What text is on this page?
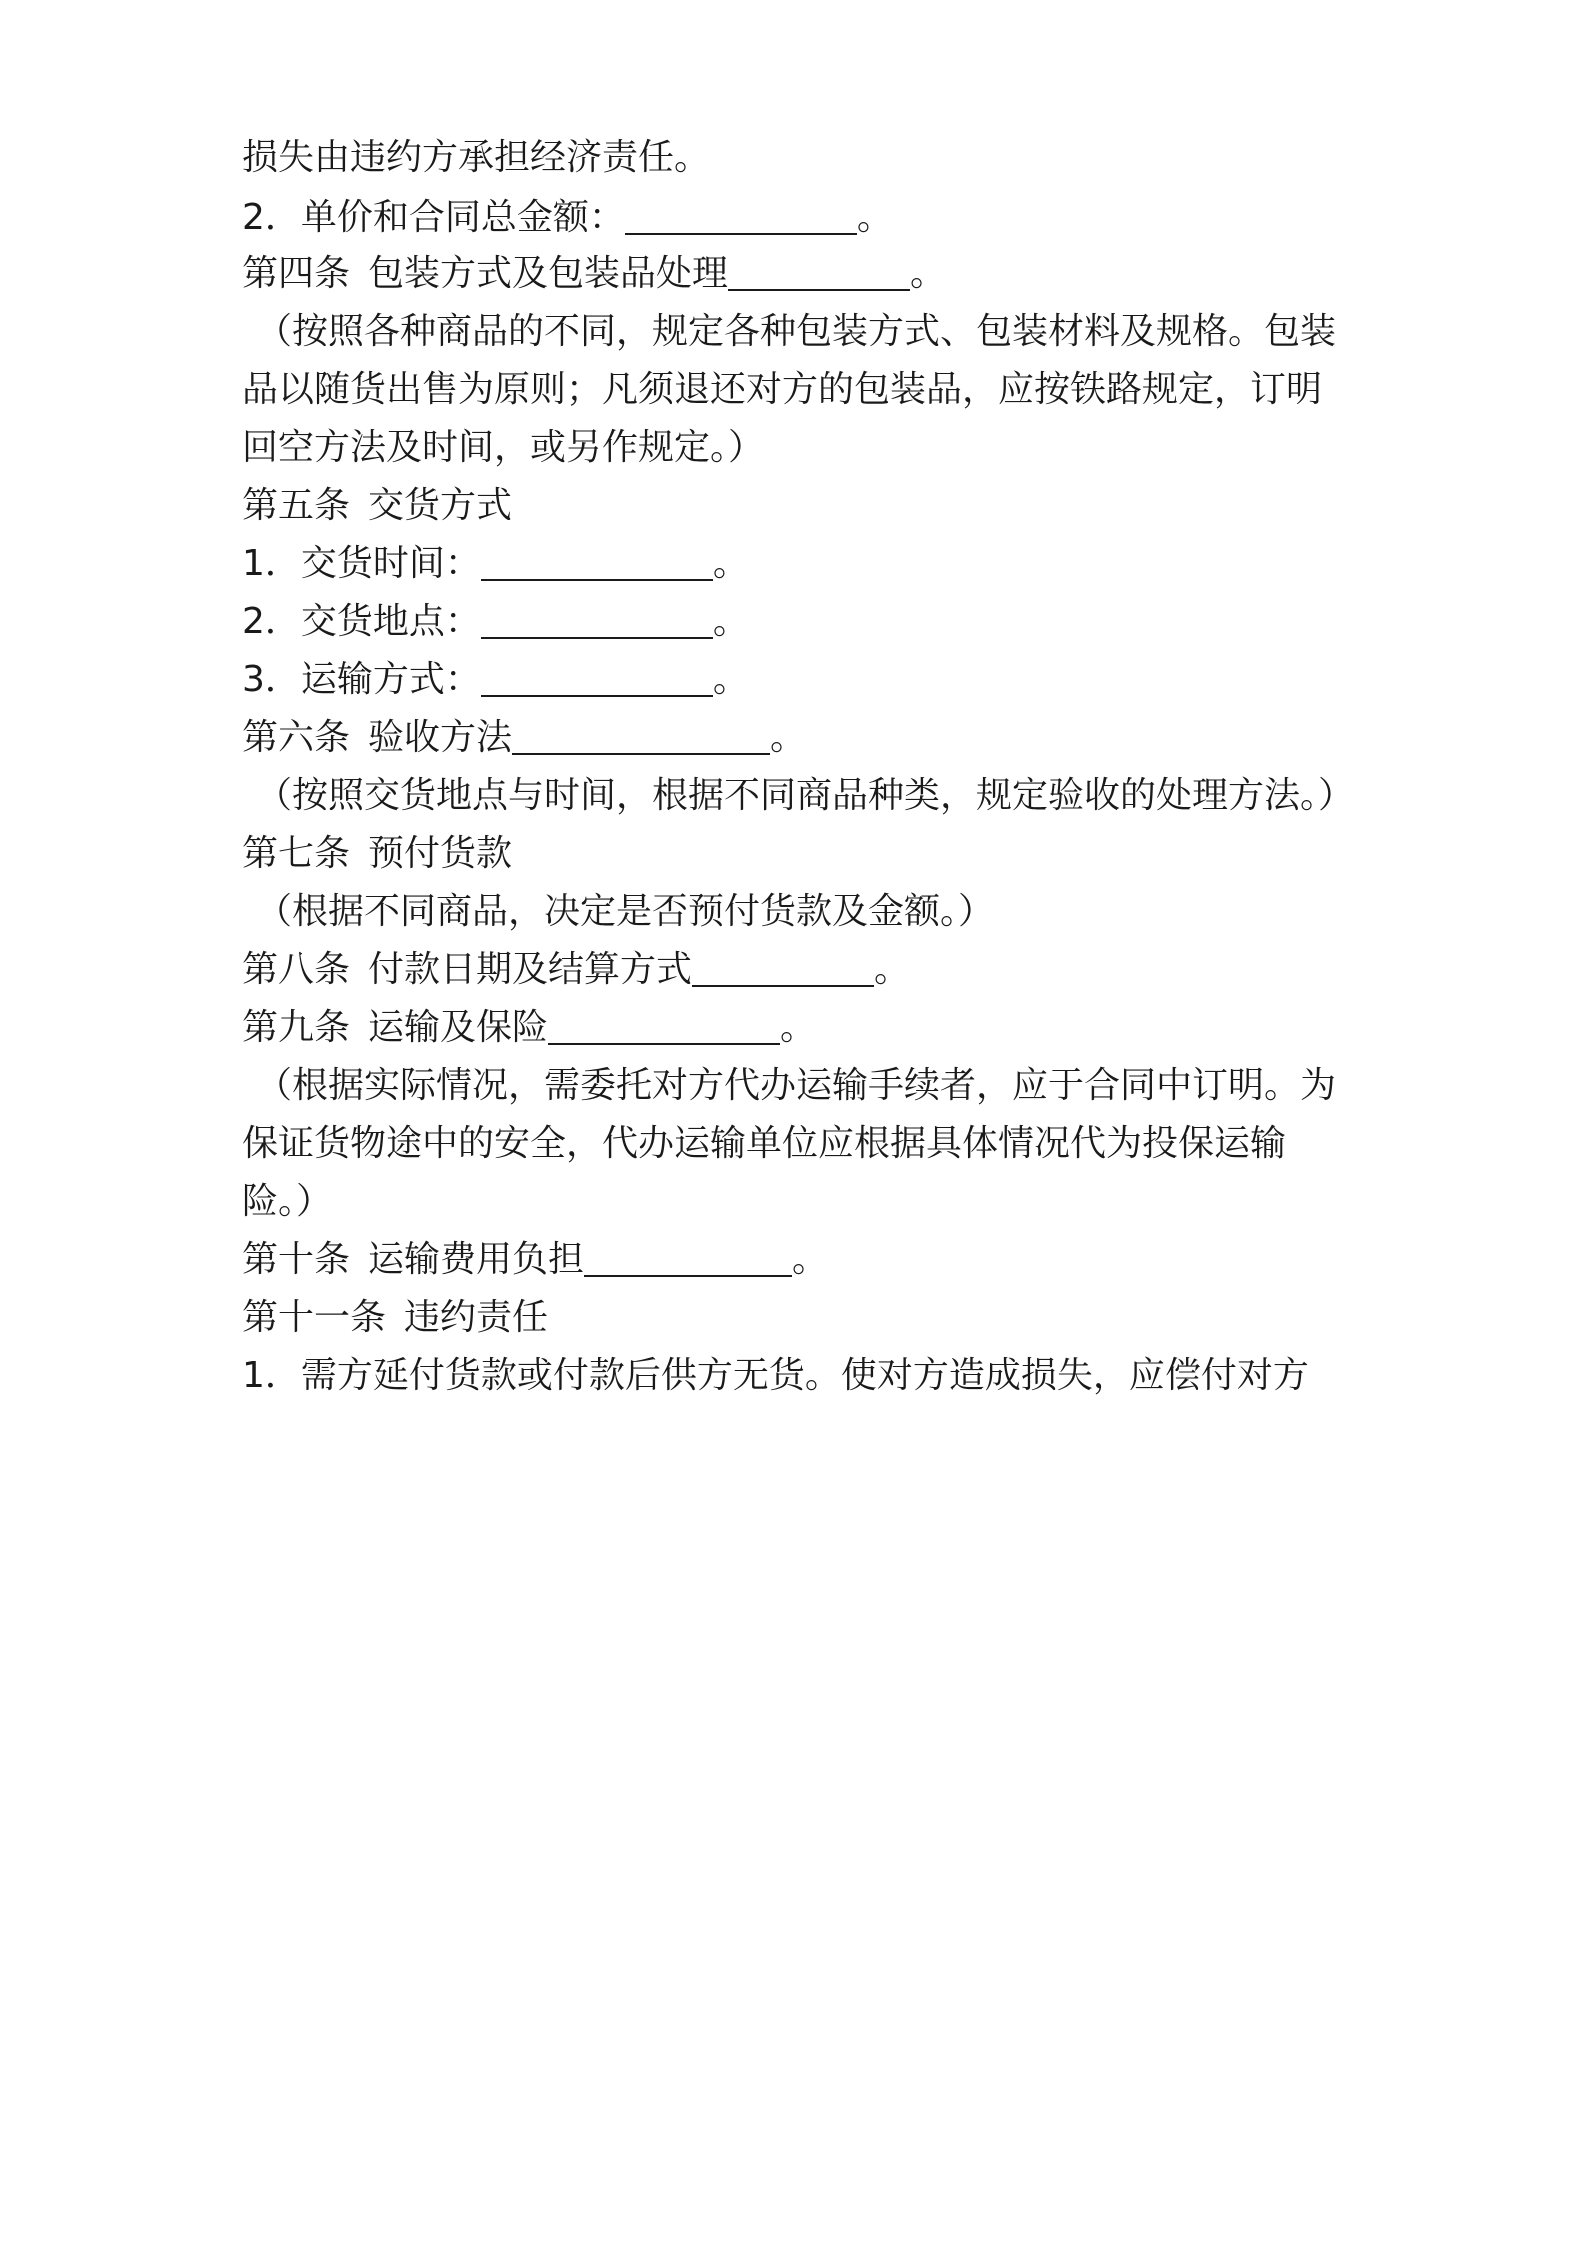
损失由违约方承担经济责任。
2．单价和合同总金额：	。
第四条 包装方式及包装品处理	。
（按照各种商品的不同，规定各种包装方式、包装材料及规格。包装
品以随货出售为原则；凡须退还对方的包装品，应按铁路规定，订明
回空方法及时间，或另作规定。）
第五条 交货方式
1．交货时间：	。
2．交货地点：	。
3．运输方式：	。
第六条 验收方法	。
（按照交货地点与时间，根据不同商品种类，规定验收的处理方法。）
第七条 预付货款
（根据不同商品，决定是否预付货款及金额。）
第八条 付款日期及结算方式	。
第九条 运输及保险	。
（根据实际情况，需委托对方代办运输手续者，应于合同中订明。为
保证货物途中的安全，代办运输单位应根据具体情况代为投保运输
险。）
第十条 运输费用负担	。
第十一条 违约责任
1．需方延付货款或付款后供方无货。使对方造成损失，应偿付对方
